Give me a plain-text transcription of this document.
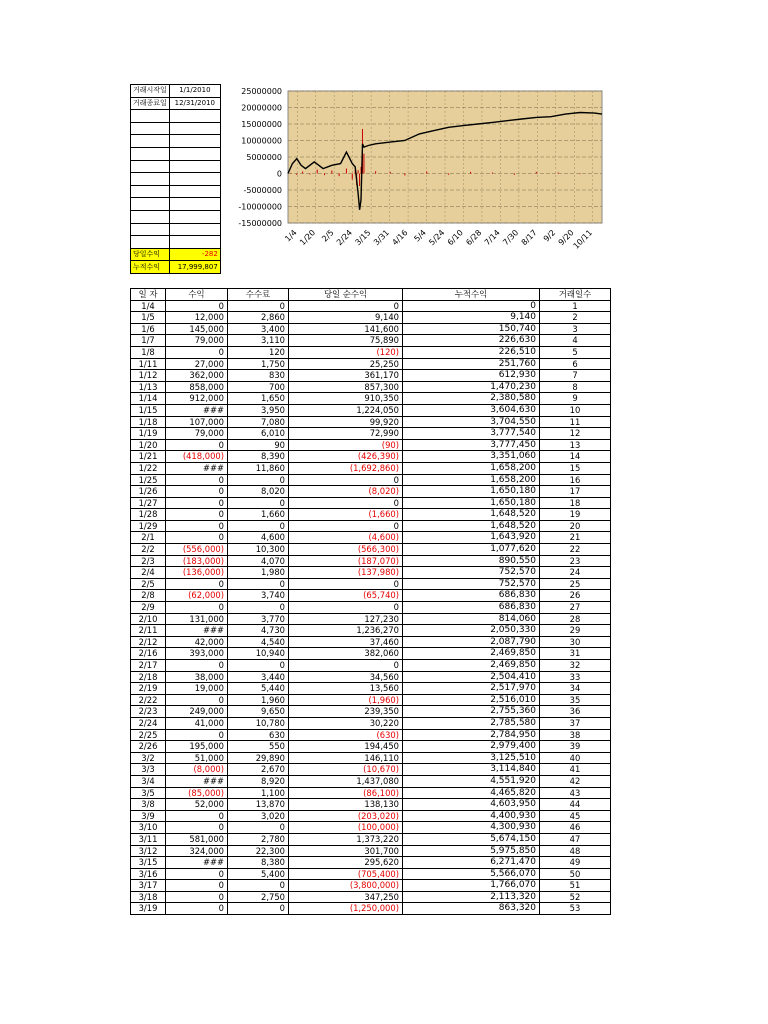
거래시작일	1/1/2010
거래종료일	12/31/2010

당일수익	-282
누적수익	17,999,807
25000000
20000000
15000000
10000000
5000000
0
-5000000
-10000000
-15000000
1/4 1/20 2/5 2/24 3/15 3/31 4/16 5/4 5/24 6/10 6/28 7/14 7/30 8/17 9/2 9/20
10/11
일 자	수익	수수료	당일 순수익	누적수익	거래일수
1/4	0	0	0	0	1
1/5	12,000	2,860	9,140	9,140	2
1/6	145,000	3,400	141,600	150,740	3
1/7	79,000	3,110	75,890	226,630	4
1/8	0	120	(120)	226,510	5
1/11	27,000	1,750	25,250	251,760	6
1/12	362,000	830	361,170	612,930	7
1/13	858,000	700	857,300	1,470,230	8
1/14	912,000	1,650	910,350	2,380,580	9
1/15	###	3,950	1,224,050	3,604,630	10
1/18	107,000	7,080	99,920	3,704,550	11
1/19	79,000	6,010	72,990	3,777,540	12
1/20	0	90	(90)	3,777,450	13
1/21	(418,000)	8,390	(426,390)	3,351,060	14
1/22	###	11,860	(1,692,860)	1,658,200	15
1/25	0	0	0	1,658,200	16
1/26	0	8,020	(8,020)	1,650,180	17
1/27	0	0	0	1,650,180	18
1/28	0	1,660	(1,660)	1,648,520	19
1/29	0	0	0	1,648,520	20
2/1	0	4,600	(4,600)	1,643,920	21
2/2	(556,000)	10,300	(566,300)	1,077,620	22
2/3	(183,000)	4,070	(187,070)	890,550	23
2/4	(136,000)	1,980	(137,980)	752,570	24
2/5	0	0	0	752,570	25
2/8	(62,000)	3,740	(65,740)	686,830	26
2/9	0	0	0	686,830	27
2/10	131,000	3,770	127,230	814,060	28
2/11	###	4,730	1,236,270	2,050,330	29
2/12	42,000	4,540	37,460	2,087,790	30
2/16	393,000	10,940	382,060	2,469,850	31
2/17	0	0	0	2,469,850	32
2/18	38,000	3,440	34,560	2,504,410	33
2/19	19,000	5,440	13,560	2,517,970	34
2/22	0	1,960	(1,960)	2,516,010	35
2/23	249,000	9,650	239,350	2,755,360	36
2/24	41,000	10,780	30,220	2,785,580	37
2/25	0	630	(630)	2,784,950	38
2/26	195,000	550	194,450	2,979,400	39
3/2	51,000	29,890	146,110	3,125,510	40
3/3	(8,000)	2,670	(10,670)	3,114,840	41
3/4	###	8,920	1,437,080	4,551,920	42
3/5	(85,000)	1,100	(86,100)	4,465,820	43
3/8	52,000	13,870	138,130	4,603,950	44
3/9	0	3,020	(203,020)	4,400,930	45
3/10	0	0	(100,000)	4,300,930	46
3/11	581,000	2,780	1,373,220	5,674,150	47
3/12	324,000	22,300	301,700	5,975,850	48
3/15	###	8,380	295,620	6,271,470	49
3/16	0	5,400	(705,400)	5,566,070	50
3/17	0	0	(3,800,000)	1,766,070	51
3/18	0	2,750	347,250	2,113,320	52
3/19	0	0	(1,250,000)	863,320	53
